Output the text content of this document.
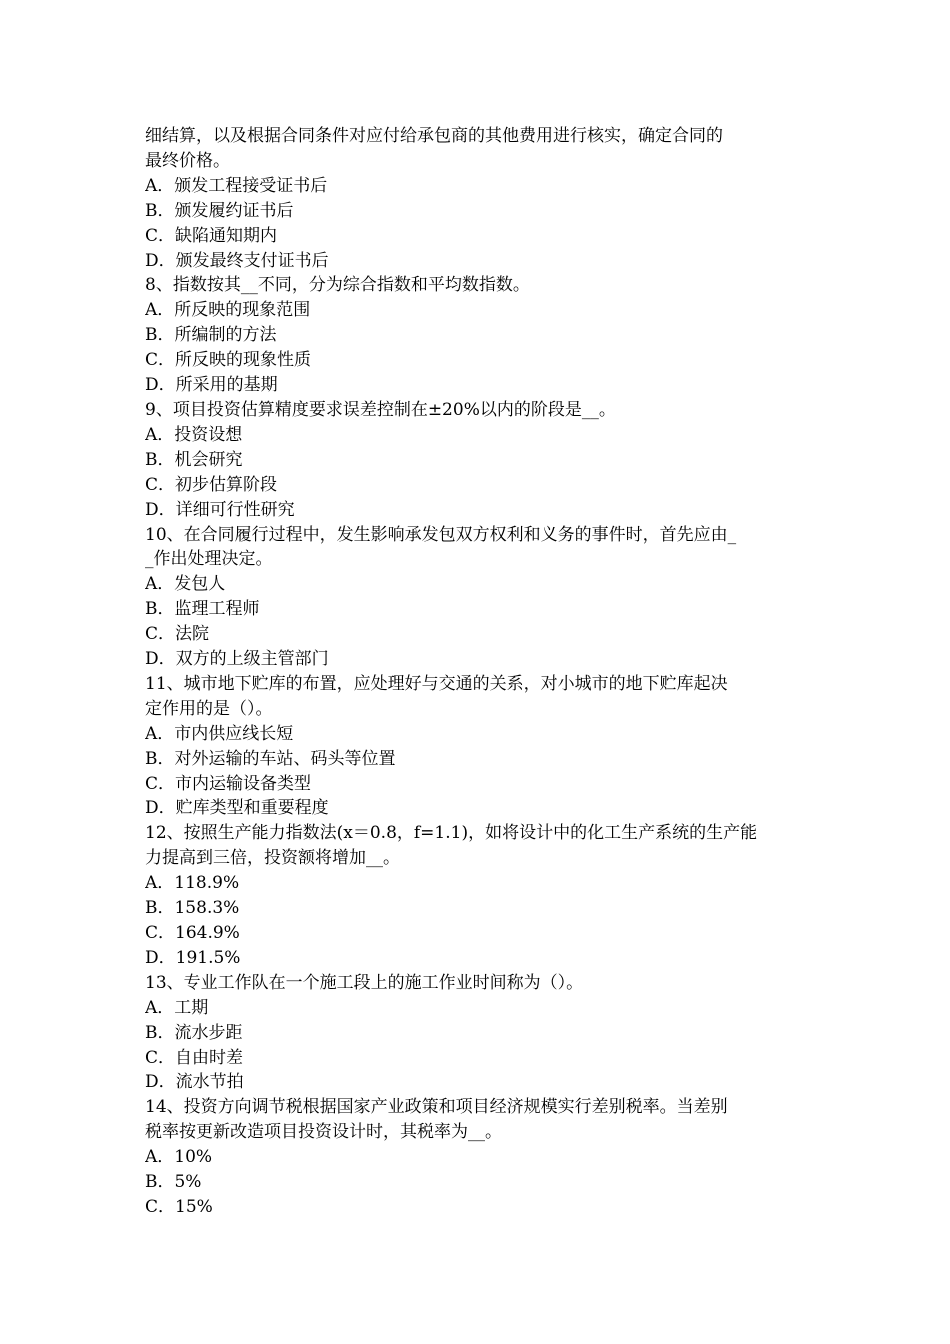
细结算，以及根据合同条件对应付给承包商的其他费用进行核实，确定合同的
最终价格。
A．颁发工程接受证书后
B．颁发履约证书后
C．缺陷通知期内
D．颁发最终支付证书后
8、指数按其__不同，分为综合指数和平均数指数。
A．所反映的现象范围
B．所编制的方法
C．所反映的现象性质
D．所采用的基期
9、项目投资估算精度要求误差控制在±20%以内的阶段是__。
A．投资设想
B．机会研究
C．初步估算阶段
D．详细可行性研究
10、在合同履行过程中，发生影响承发包双方权利和义务的事件时，首先应由_
_作出处理决定。
A．发包人
B．监理工程师
C．法院
D．双方的上级主管部门
11、城市地下贮库的布置，应处理好与交通的关系，对小城市的地下贮库起决
定作用的是（）。
A．市内供应线长短
B．对外运输的车站、码头等位置
C．市内运输设备类型
D．贮库类型和重要程度
12、按照生产能力指数法(x＝0.8，f=1.1)，如将设计中的化工生产系统的生产能
力提高到三倍，投资额将增加__。
A．118.9%
B．158.3%
C．164.9%
D．191.5%
13、专业工作队在一个施工段上的施工作业时间称为（）。
A．工期
B．流水步距
C．自由时差
D．流水节拍
14、投资方向调节税根据国家产业政策和项目经济规模实行差别税率。当差别
税率按更新改造项目投资设计时，其税率为__。
A．10%
B．5%
C．15%
